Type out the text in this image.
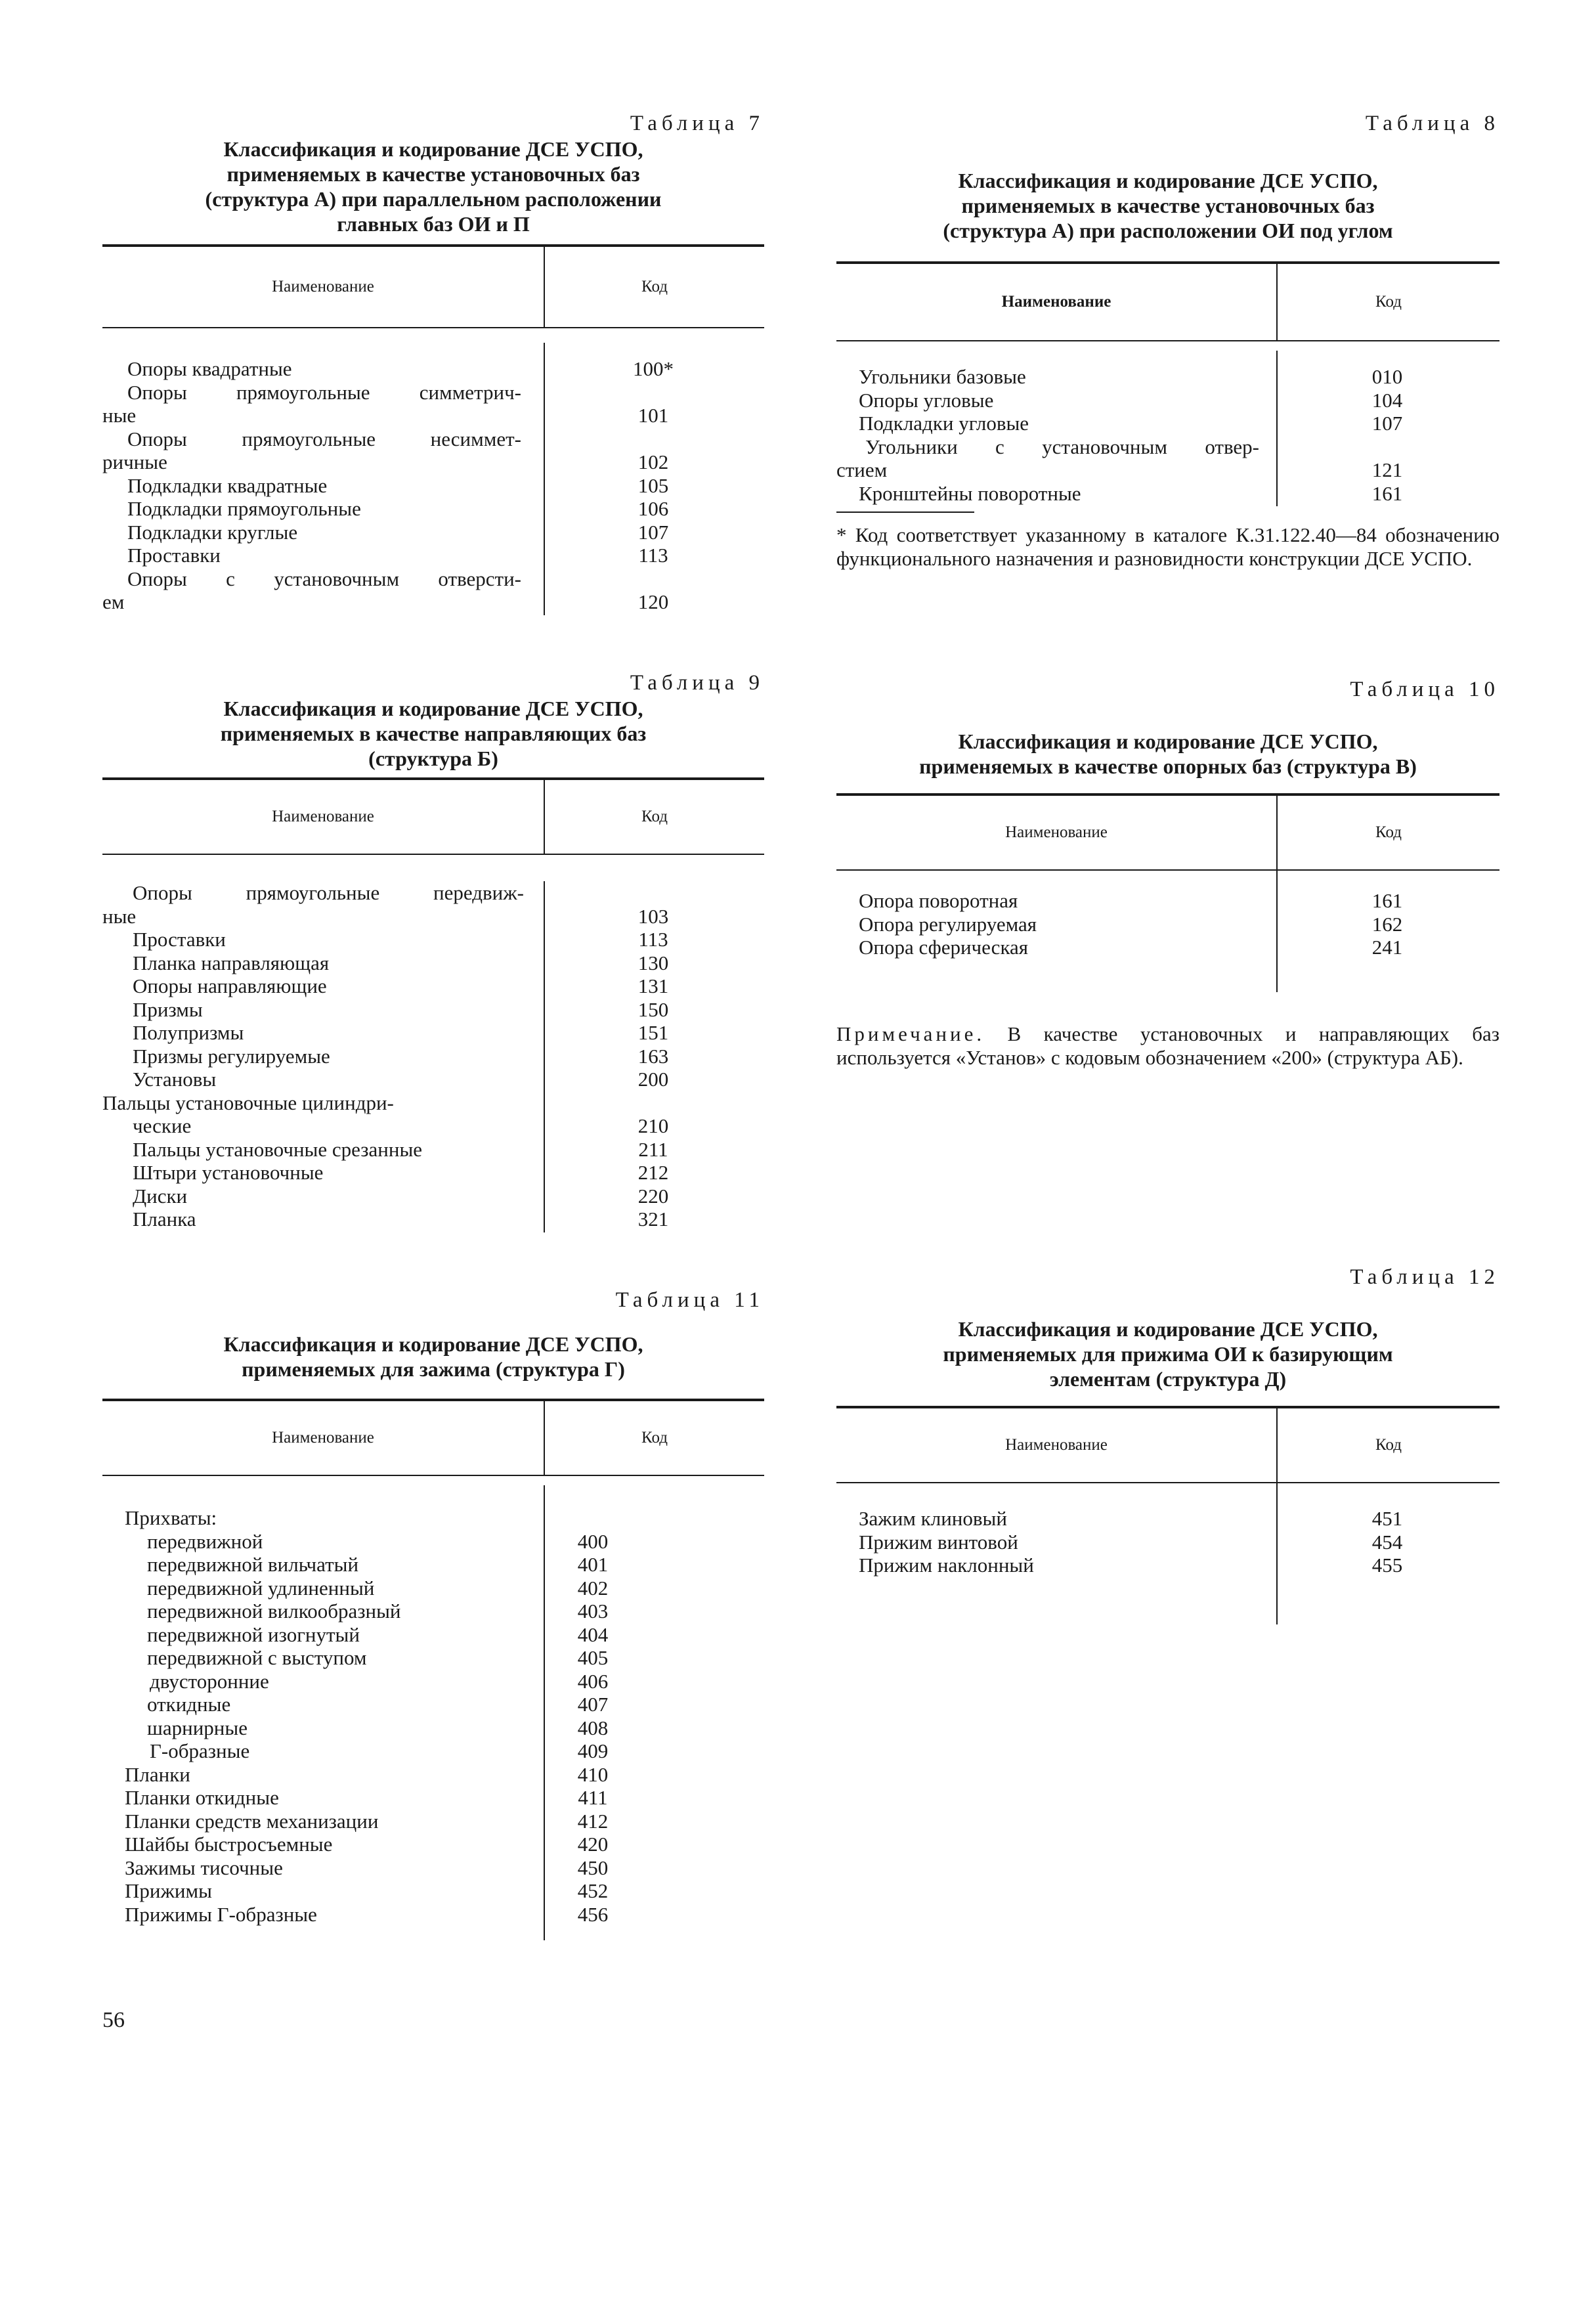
Таблица 7
Классификация и кодирование ДСЕ УСПО,
применяемых в качестве установочных баз
(структура А) при параллельном расположении
главных баз ОИ и П
Наименование	Код
Опоры квадратные	100*
Опоры прямоугольные симметрич-
ные	101
Опоры прямоугольные несиммет-
ричные	102
Подкладки квадратные	105
Подкладки прямоугольные	106
Подкладки круглые	107
Проставки	113
Опоры с установочным отверсти-
ем	120
Таблица 8
Классификация и кодирование ДСЕ УСПО,
применяемых в качестве установочных баз
(структура А) при расположении ОИ под углом
Наименование	Код
Угольники базовые	010
Опоры угловые	104
Подкладки угловые	107
Угольники с установочным отвер-
стием	121
Кронштейны поворотные	161
* Код соответствует указанному в каталоге К.31.122.40—84 обозначению функционального назначения и разновидности конструкции ДСЕ УСПО.
Таблица 9
Классификация и кодирование ДСЕ УСПО,
применяемых в качестве направляющих баз
(структура Б)
Наименование	Код
Опоры прямоугольные передвиж-
ные	103
Проставки	113
Планка направляющая	130
Опоры направляющие	131
Призмы	150
Полупризмы	151
Призмы регулируемые	163
Установы	200
Пальцы установочные цилиндри-
ческие	210
Пальцы установочные срезанные	211
Штыри установочные	212
Диски	220
Планка	321
Таблица 10
Классификация и кодирование ДСЕ УСПО,
применяемых в качестве опорных баз (структура В)
Наименование	Код
Опора поворотная	161
Опора регулируемая	162
Опора сферическая	241
Примечание. В качестве установочных и направляющих баз используется «Установ» с кодовым обозначением «200» (структура АБ).
Таблица 11
Классификация и кодирование ДСЕ УСПО,
применяемых для зажима (структура Г)
Наименование	Код
Прихваты:
передвижной	400
передвижной вильчатый	401
передвижной удлиненный	402
передвижной вилкообразный	403
передвижной изогнутый	404
передвижной с выступом	405
двусторонние	406
откидные	407
шарнирные	408
Г-образные	409
Планки	410
Планки откидные	411
Планки средств механизации	412
Шайбы быстросъемные	420
Зажимы тисочные	450
Прижимы	452
Прижимы Г-образные	456
Таблица 12
Классификация и кодирование ДСЕ УСПО,
применяемых для прижима ОИ к базирующим
элементам (структура Д)
Наименование	Код
Зажим клиновый	451
Прижим винтовой	454
Прижим наклонный	455
56
